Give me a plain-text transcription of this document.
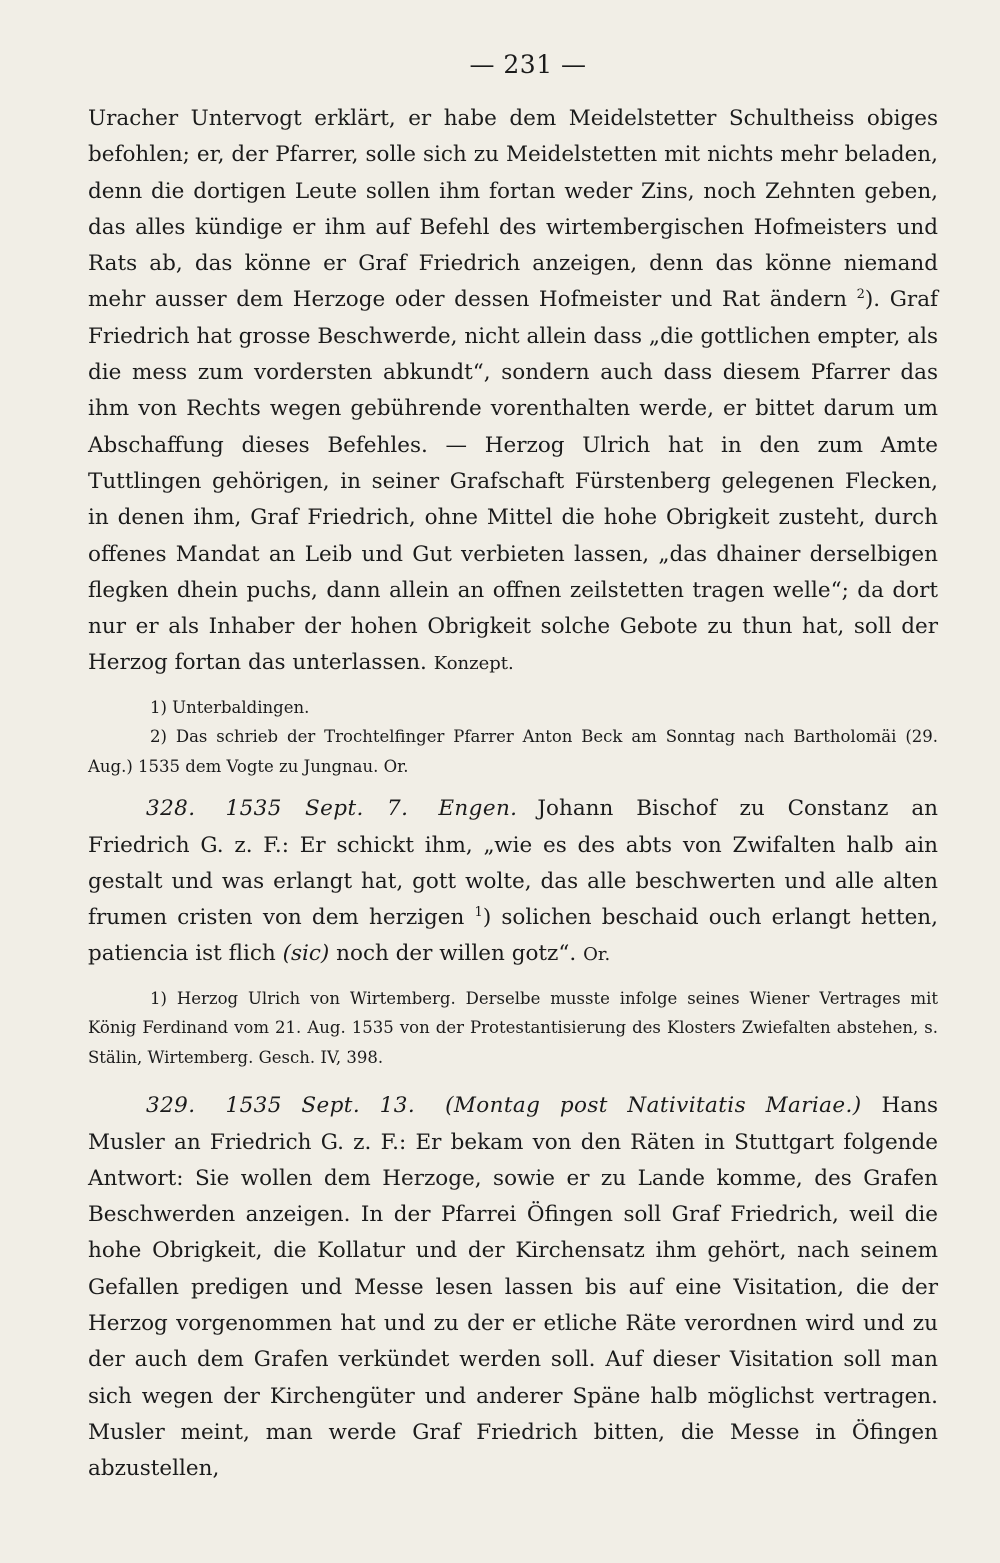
— 231 —

Uracher Untervogt erklärt, er habe dem Meidelstetter Schultheiss obiges befohlen; er, der Pfarrer, solle sich zu Meidelstetten mit nichts mehr beladen, denn die dortigen Leute sollen ihm fortan weder Zins, noch Zehnten geben, das alles kündige er ihm auf Befehl des wirtembergischen Hofmeisters und Rats ab, das könne er Graf Friedrich anzeigen, denn das könne niemand mehr ausser dem Herzoge oder dessen Hofmeister und Rat ändern $^2$). Graf Friedrich hat grosse Beschwerde, nicht allein dass „die gottlichen empter, als die mess zum vordersten abkundt“, sondern auch dass diesem Pfarrer das ihm von Rechts wegen gebührende vorenthalten werde, er bittet darum um Abschaffung dieses Befehles. — Herzog Ulrich hat in den zum Amte Tuttlingen gehörigen, in seiner Grafschaft Fürstenberg gelegenen Flecken, in denen ihm, Graf Friedrich, ohne Mittel die hohe Obrigkeit zusteht, durch offenes Mandat an Leib und Gut verbieten lassen, „das dhainer derselbigen flegken dhein puchs, dann allein an offnen zeilstetten tragen welle“; da dort nur er als Inhaber der hohen Obrigkeit solche Gebote zu thun hat, soll der Herzog fortan das unterlassen. Konzept.

1) Unterbaldingen.

2) Das schrieb der Trochtelfinger Pfarrer Anton Beck am Sonntag nach Bartholomäi (29. Aug.) 1535 dem Vogte zu Jungnau. Or.

328. 1535 Sept. 7. Engen. Johann Bischof zu Constanz an Friedrich G. z. F.: Er schickt ihm, „wie es des abts von Zwifalten halb ain gestalt und was erlangt hat, gott wolte, das alle beschwerten und alle alten frumen cristen von dem herzigen $^1$) solichen beschaid ouch erlangt hetten, patiencia ist flich (sic) noch der willen gotz“. Or.

1) Herzog Ulrich von Wirtemberg. Derselbe musste infolge seines Wiener Vertrages mit König Ferdinand vom 21. Aug. 1535 von der Protestantisierung des Klosters Zwiefalten abstehen, s. Stälin, Wirtemberg. Gesch. IV, 398.

329. 1535 Sept. 13. (Montag post Nativitatis Mariae.) Hans Musler an Friedrich G. z. F.: Er bekam von den Räten in Stuttgart folgende Antwort: Sie wollen dem Herzoge, sowie er zu Lande komme, des Grafen Beschwerden anzeigen. In der Pfarrei Öfingen soll Graf Friedrich, weil die hohe Obrigkeit, die Kollatur und der Kirchensatz ihm gehört, nach seinem Gefallen predigen und Messe lesen lassen bis auf eine Visitation, die der Herzog vorgenommen hat und zu der er etliche Räte verordnen wird und zu der auch dem Grafen verkündet werden soll. Auf dieser Visitation soll man sich wegen der Kirchengüter und anderer Späne halb möglichst vertragen. Musler meint, man werde Graf Friedrich bitten, die Messe in Öfingen abzustellen,
